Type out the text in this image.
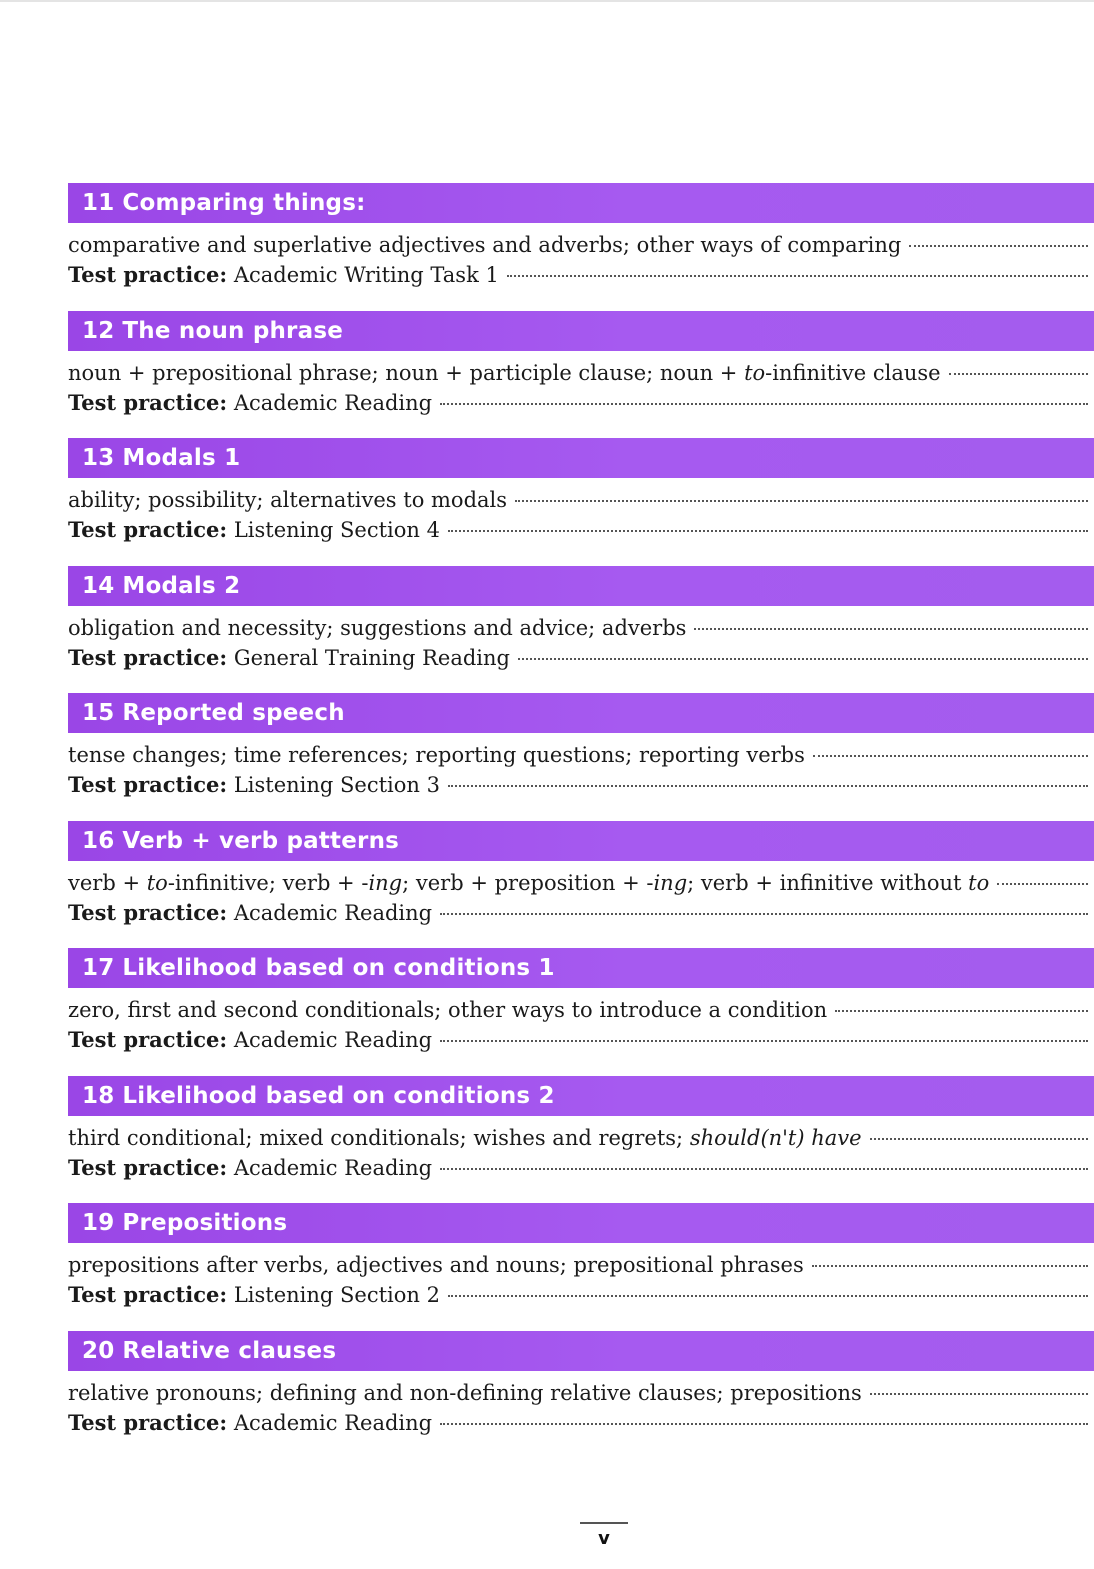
11 Comparing things:
comparative and superlative adjectives and adverbs; other ways of comparing
Test practice: Academic Writing Task 1
12 The noun phrase
noun + prepositional phrase; noun + participle clause; noun + to-infinitive clause
Test practice: Academic Reading
13 Modals 1
ability; possibility; alternatives to modals
Test practice: Listening Section 4
14 Modals 2
obligation and necessity; suggestions and advice; adverbs
Test practice: General Training Reading
15 Reported speech
tense changes; time references; reporting questions; reporting verbs
Test practice: Listening Section 3
16 Verb + verb patterns
verb + to-infinitive; verb + -ing; verb + preposition + -ing; verb + infinitive without to
Test practice: Academic Reading
17 Likelihood based on conditions 1
zero, first and second conditionals; other ways to introduce a condition
Test practice: Academic Reading
18 Likelihood based on conditions 2
third conditional; mixed conditionals; wishes and regrets; should(n't) have
Test practice: Academic Reading
19 Prepositions
prepositions after verbs, adjectives and nouns; prepositional phrases
Test practice: Listening Section 2
20 Relative clauses
relative pronouns; defining and non-defining relative clauses; prepositions
Test practice: Academic Reading
v
